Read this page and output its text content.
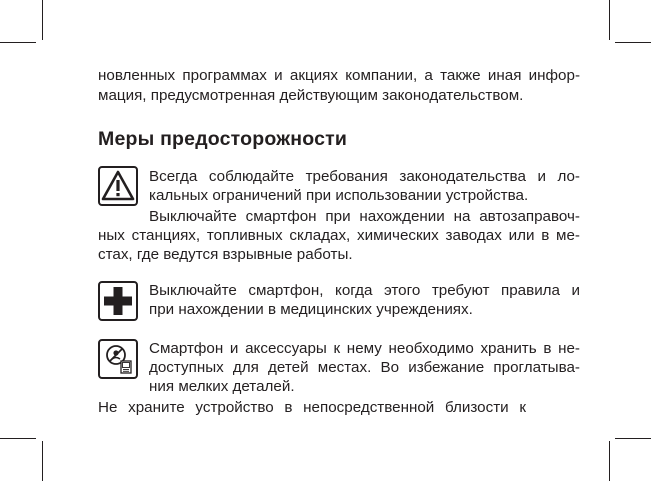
новленных программах и акциях компании, а также иная инфор-
мация, предусмотренная действующим законодательством.
Меры предосторожности
Всегда соблюдайте требования законодательства и ло-
кальных ограничений при использовании устройства.
Выключайте смартфон при нахождении на автозаправоч-
ных станциях, топливных складах, химических заводах или в ме-
стах, где ведутся взрывные работы.
Выключайте смартфон, когда этого требуют правила и
при нахождении в медицинских учреждениях.
Смартфон и аксессуары к нему необходимо хранить в не-
доступных для детей местах. Во избежание проглатыва-
ния мелких деталей.
Не храните устройство в непосредственной близости к
